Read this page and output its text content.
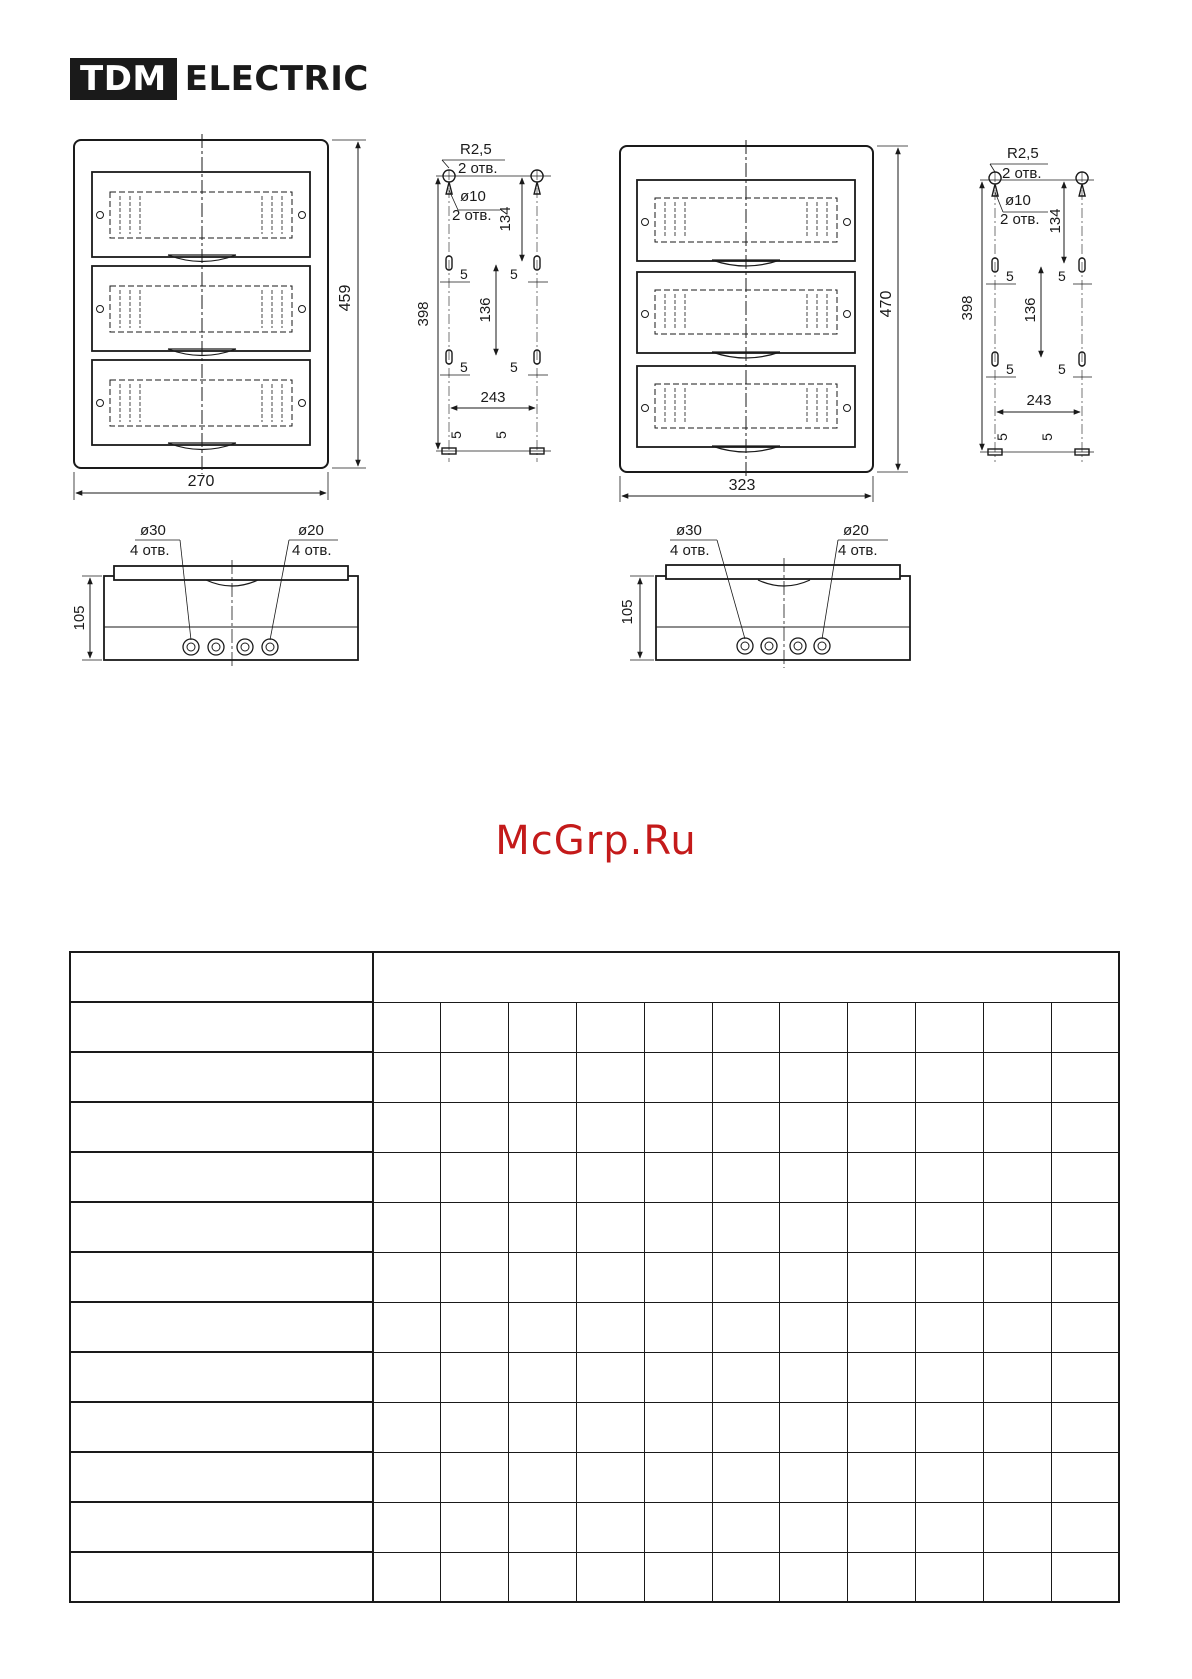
TDM ELECTRIC
270
459
R2,5
2 отв.
ø10
2 отв. 134
136
398
243
5	5
5	5
5 5
ø30
4 отв.
ø20
4 отв.
105
323
470
R2,5
2 отв.
ø10
2 отв. 134
136
398
243
5	5
5	5
5 5
ø30
4 отв.
ø20
4 отв.
105
McGrp.Ru
